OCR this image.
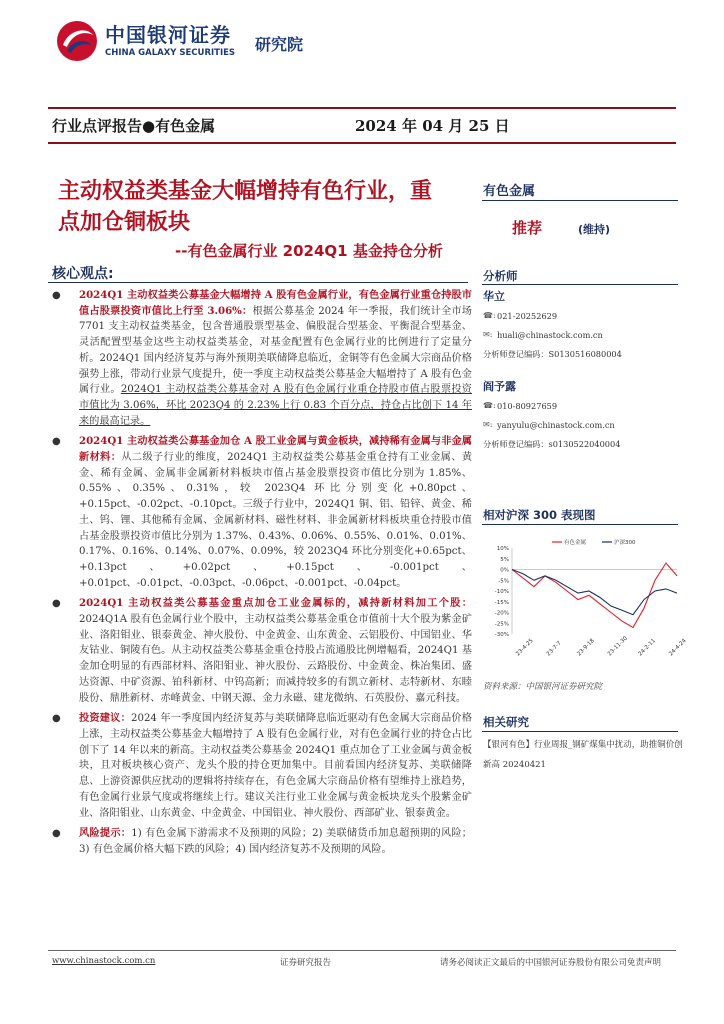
中国银河证券
CHINA GALAXY SECURITIES 研究院
行业点评报告●有色金属	2024 年 04 月 25 日
主动权益类基金大幅增持有色行业，重点加仓铜板块
--有色金属行业 2024Q1 基金持仓分析
核心观点:
● 2024Q1 主动权益类公募基金大幅增持 A 股有色金属行业，有色金属行业重仓持股市值占股票投资市值比上行至 3.06%：根据公募基金 2024 年一季报，我们统计全市场 7701 支主动权益类基金，包含普通股票型基金、偏股混合型基金、平衡混合型基金、灵活配置型基金这些主动权益类基金，对基金配置有色金属行业的比例进行了定量分析。2024Q1 国内经济复苏与海外预期美联储降息临近，金铜等有色金属大宗商品价格强势上涨，带动行业景气度提升，使一季度主动权益类公募基金大幅增持了 A 股有色金属行业。2024Q1 主动权益类公募基金对 A 股有色金属行业重仓持股市值占股票投资市值比为 3.06%，环比 2023Q4 的 2.23%上行 0.83 个百分点，持仓占比创下 14 年来的最高记录。
● 2024Q1 主动权益类公募基金加仓 A 股工业金属与黄金板块，减持稀有金属与非金属新材料：从二级子行业的维度，2024Q1 主动权益类公募基金重仓持有工业金属、黄金、稀有金属、金属非金属新材料板块市值占基金股票投资市值比分别为 1.85%、0.55%、0.35%、0.31%，较 2023Q4 环比分别变化+0.80pct、+0.15pct、-0.02pct、-0.10pct。三级子行业中，2024Q1 铜、铝、铅锌、黄金、稀土、钨、锂、其他稀有金属、金属新材料、磁性材料、非金属新材料板块重仓持股市值占基金股票投资市值比分别为 1.37%、0.43%、0.06%、0.55%、0.01%、0.01%、0.17%、0.16%、0.14%、0.07%、0.09%，较 2023Q4 环比分别变化+0.65pct、+0.13pct、+0.02pct、+0.15pct、-0.001pct、+0.01pct、-0.01pct、-0.03pct、-0.06pct、-0.001pct、-0.04pct。
● 2024Q1 主动权益类公募基金重点加仓工业金属标的，减持新材料加工个股：2024Q1A 股有色金属行业个股中，主动权益类公募基金重仓市值前十大个股为紫金矿业、洛阳钼业、银泰黄金、神火股份、中金黄金、山东黄金、云铝股份、中国铝业、华友钴业、铜陵有色。从主动权益类公募基金重仓持股占流通股比例增幅看，2024Q1 基金加仓明显的有西部材料、洛阳钼业、神火股份、云路股份、中金黄金、株冶集团、盛达资源、中矿资源、铂科新材、中钨高新；而减持较多的有凯立新材、志特新材、东睦股份、鼎胜新材、赤峰黄金、中钢天源、金力永磁、建龙微纳、石英股份、嘉元科技。
● 投资建议：2024 年一季度国内经济复苏与美联储降息临近驱动有色金属大宗商品价格上涨，主动权益类公募基金大幅增持了 A 股有色金属行业，对有色金属行业的持仓占比创下了 14 年以来的新高。主动权益类公募基金 2024Q1 重点加仓了工业金属与黄金板块，且对板块核心资产、龙头个股的持仓更加集中。目前看国内经济复苏、美联储降息、上游资源供应扰动的逻辑将持续存在，有色金属大宗商品价格有望维持上涨趋势，有色金属行业景气度或将继续上行。建议关注行业工业金属与黄金板块龙头个股紫金矿业、洛阳钼业、山东黄金、中金黄金、中国铝业、神火股份、西部矿业、银泰黄金。
● 风险提示：1) 有色金属下游需求不及预期的风险；2) 美联储货币加息超预期的风险；3) 有色金属价格大幅下跌的风险；4) 国内经济复苏不及预期的风险。
有色金属
推荐	(维持)
分析师
华立
☎: 021-20252629
✉: huali@chinastock.com.cn
分析师登记编码：S0130516080004
阎予露
☎: 010-80927659
✉: yanyulu@chinastock.com.cn
分析师登记编码：s0130522040004
相对沪深 300 表现图
10%
5%
0%
-5%
-10%
-15%
-20%
-25%
-30%
23-4-25 23-7-7 23-9-18 23-11-30 24-2-11 24-4-24
有色金属	沪深300
资料来源：中国银河证券研究院
相关研究
【银河有色】行业周报_钢矿煤集中扰动，助推铜价创新高 20240421
www.chinastock.com.cn	证券研究报告	请务必阅读正文最后的中国银河证券股份有限公司免责声明
